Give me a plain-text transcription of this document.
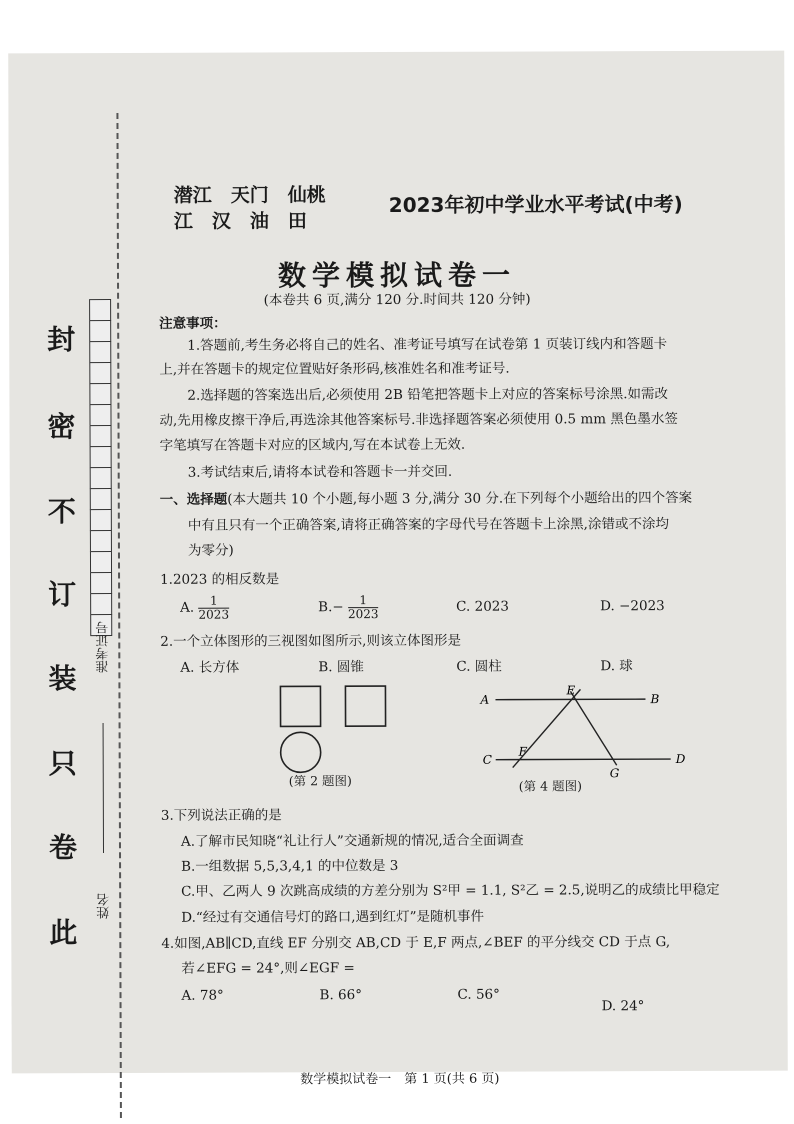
封
密
不
订
装
只
卷
此
准考证号
姓名
潜江　天门　仙桃
江　汉　油　田
2023年初中学业水平考试(中考)
数学模拟试卷一
(本卷共 6 页,满分 120 分.时间共 120 分钟)
注意事项：
1.答题前,考生务必将自己的姓名、准考证号填写在试卷第 1 页装订线内和答题卡
上,并在答题卡的规定位置贴好条形码,核准姓名和准考证号.
2.选择题的答案选出后,必须使用 2B 铅笔把答题卡上对应的答案标号涂黑.如需改
动,先用橡皮擦干净后,再选涂其他答案标号.非选择题答案必须使用 0.5 mm 黑色墨水签
字笔填写在答题卡对应的区域内,写在本试卷上无效.
3.考试结束后,请将本试卷和答题卡一并交回.
一、选择题(本大题共 10 个小题,每小题 3 分,满分 30 分.在下列每个小题给出的四个答案
中有且只有一个正确答案,请将正确答案的字母代号在答题卡上涂黑,涂错或不涂均
为零分)
1.2023 的相反数是
A. $\frac{1}{2023}$	$B.- \frac{1}{2023}$	C. 2023	D. −2023
2.一个立体图形的三视图如图所示,则该立体图形是
A. 长方体	B. 圆锥	C. 圆柱	D. 球
(第 2 题图)
A	B
C	D
E
F
G
(第 4 题图)
3.下列说法正确的是
A.了解市民知晓“礼让行人”交通新规的情况,适合全面调查
B.一组数据 5,5,3,4,1 的中位数是 3
C.甲、乙两人 9 次跳高成绩的方差分别为 S²甲 = 1.1, S²乙 = 2.5,说明乙的成绩比甲稳定
D.“经过有交通信号灯的路口,遇到红灯”是随机事件
4.如图,AB∥CD,直线 EF 分别交 AB,CD 于 E,F 两点,∠BEF 的平分线交 CD 于点 G,
若∠EFG = 24°,则∠EGF =
A. 78°	B. 66°	C. 56°
D. 24°
数学模拟试卷一　第 1 页(共 6 页)
